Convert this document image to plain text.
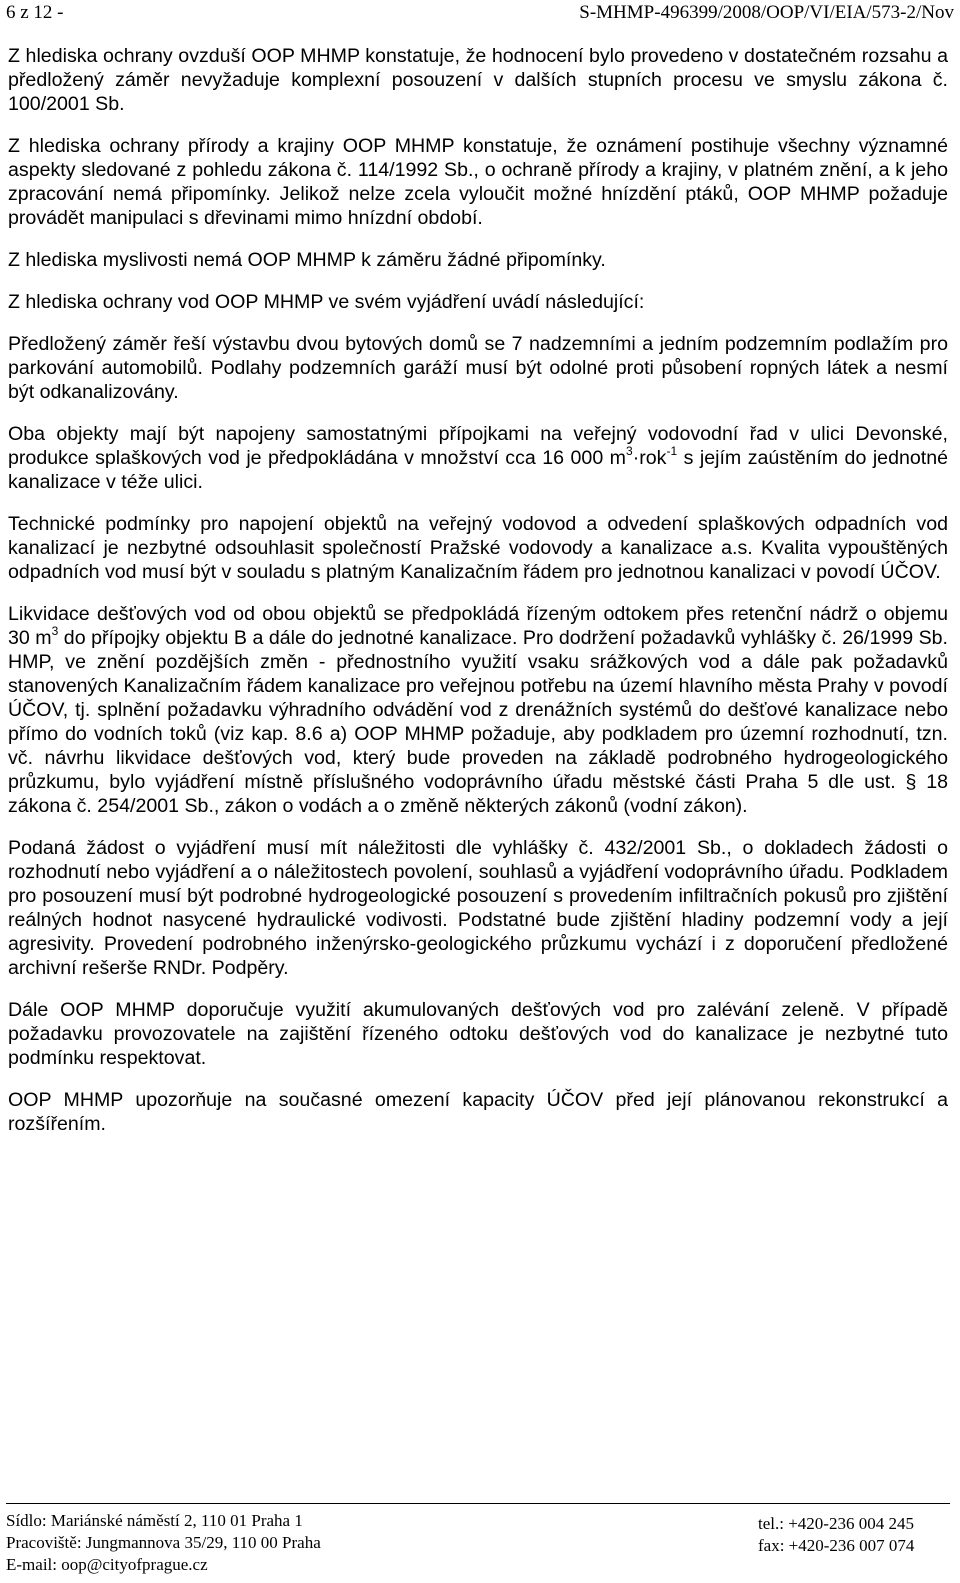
6 z 12 -	S-MHMP-496399/2008/OOP/VI/EIA/573-2/Nov

Z hlediska ochrany ovzduší OOP MHMP konstatuje, že hodnocení bylo provedeno v dostatečném rozsahu a předložený záměr nevyžaduje komplexní posouzení v dalších stupních procesu ve smyslu zákona č. 100/2001 Sb.

Z hlediska ochrany přírody a krajiny OOP MHMP konstatuje, že oznámení postihuje všechny významné aspekty sledované z pohledu zákona č. 114/1992 Sb., o ochraně přírody a krajiny, v platném znění, a k jeho zpracování nemá připomínky. Jelikož nelze zcela vyloučit možné hnízdění ptáků, OOP MHMP požaduje provádět manipulaci s dřevinami mimo hnízdní období.

Z hlediska myslivosti nemá OOP MHMP k záměru žádné připomínky.

Z hlediska ochrany vod OOP MHMP ve svém vyjádření uvádí následující:

Předložený záměr řeší výstavbu dvou bytových domů se 7 nadzemními a jedním podzemním podlažím pro parkování automobilů. Podlahy podzemních garáží musí být odolné proti působení ropných látek a nesmí být odkanalizovány.

Oba objekty mají být napojeny samostatnými přípojkami na veřejný vodovodní řad v ulici Devonské, produkce splaškových vod je předpokládána v množství cca 16 000 $m^3\cdot rok^{-1}$ s jejím zaústěním do jednotné kanalizace v téže ulici.

Technické podmínky pro napojení objektů na veřejný vodovod a odvedení splaškových odpadních vod kanalizací je nezbytné odsouhlasit společností Pražské vodovody a kanalizace a.s. Kvalita vypouštěných odpadních vod musí být v souladu s platným Kanalizačním řádem pro jednotnou kanalizaci v povodí ÚČOV.

Likvidace dešťových vod od obou objektů se předpokládá řízeným odtokem přes retenční nádrž o objemu 30 $m^3$ do přípojky objektu B a dále do jednotné kanalizace. Pro dodržení požadavků vyhlášky č. 26/1999 Sb. HMP, ve znění pozdějších změn - přednostního využití vsaku srážkových vod a dále pak požadavků stanovených Kanalizačním řádem kanalizace pro veřejnou potřebu na území hlavního města Prahy v povodí ÚČOV, tj. splnění požadavku výhradního odvádění vod z drenážních systémů do dešťové kanalizace nebo přímo do vodních toků (viz kap. 8.6 a) OOP MHMP požaduje, aby podkladem pro územní rozhodnutí, tzn. vč. návrhu likvidace dešťových vod, který bude proveden na základě podrobného hydrogeologického průzkumu, bylo vyjádření místně příslušného vodoprávního úřadu městské části Praha 5 dle ust. § 18 zákona č. 254/2001 Sb., zákon o vodách a o změně některých zákonů (vodní zákon).

Podaná žádost o vyjádření musí mít náležitosti dle vyhlášky č. 432/2001 Sb., o dokladech žádosti o rozhodnutí nebo vyjádření a o náležitostech povolení, souhlasů a vyjádření vodoprávního úřadu. Podkladem pro posouzení musí být podrobné hydrogeologické posouzení s provedením infiltračních pokusů pro zjištění reálných hodnot nasycené hydraulické vodivosti. Podstatné bude zjištění hladiny podzemní vody a její agresivity. Provedení podrobného inženýrsko-geologického průzkumu vychází i z doporučení předložené archivní rešerše RNDr. Podpěry.

Dále OOP MHMP doporučuje využití akumulovaných dešťových vod pro zalévání zeleně. V případě požadavku provozovatele na zajištění řízeného odtoku dešťových vod do kanalizace je nezbytné tuto podmínku respektovat.

OOP MHMP upozorňuje na současné omezení kapacity ÚČOV před její plánovanou rekonstrukcí a rozšířením.

Sídlo: Mariánské náměstí 2, 110 01 Praha 1
Pracoviště: Jungmannova 35/29, 110 00 Praha
E-mail: oop@cityofprague.cz
tel.: +420-236 004 245
fax: +420-236 007 074
